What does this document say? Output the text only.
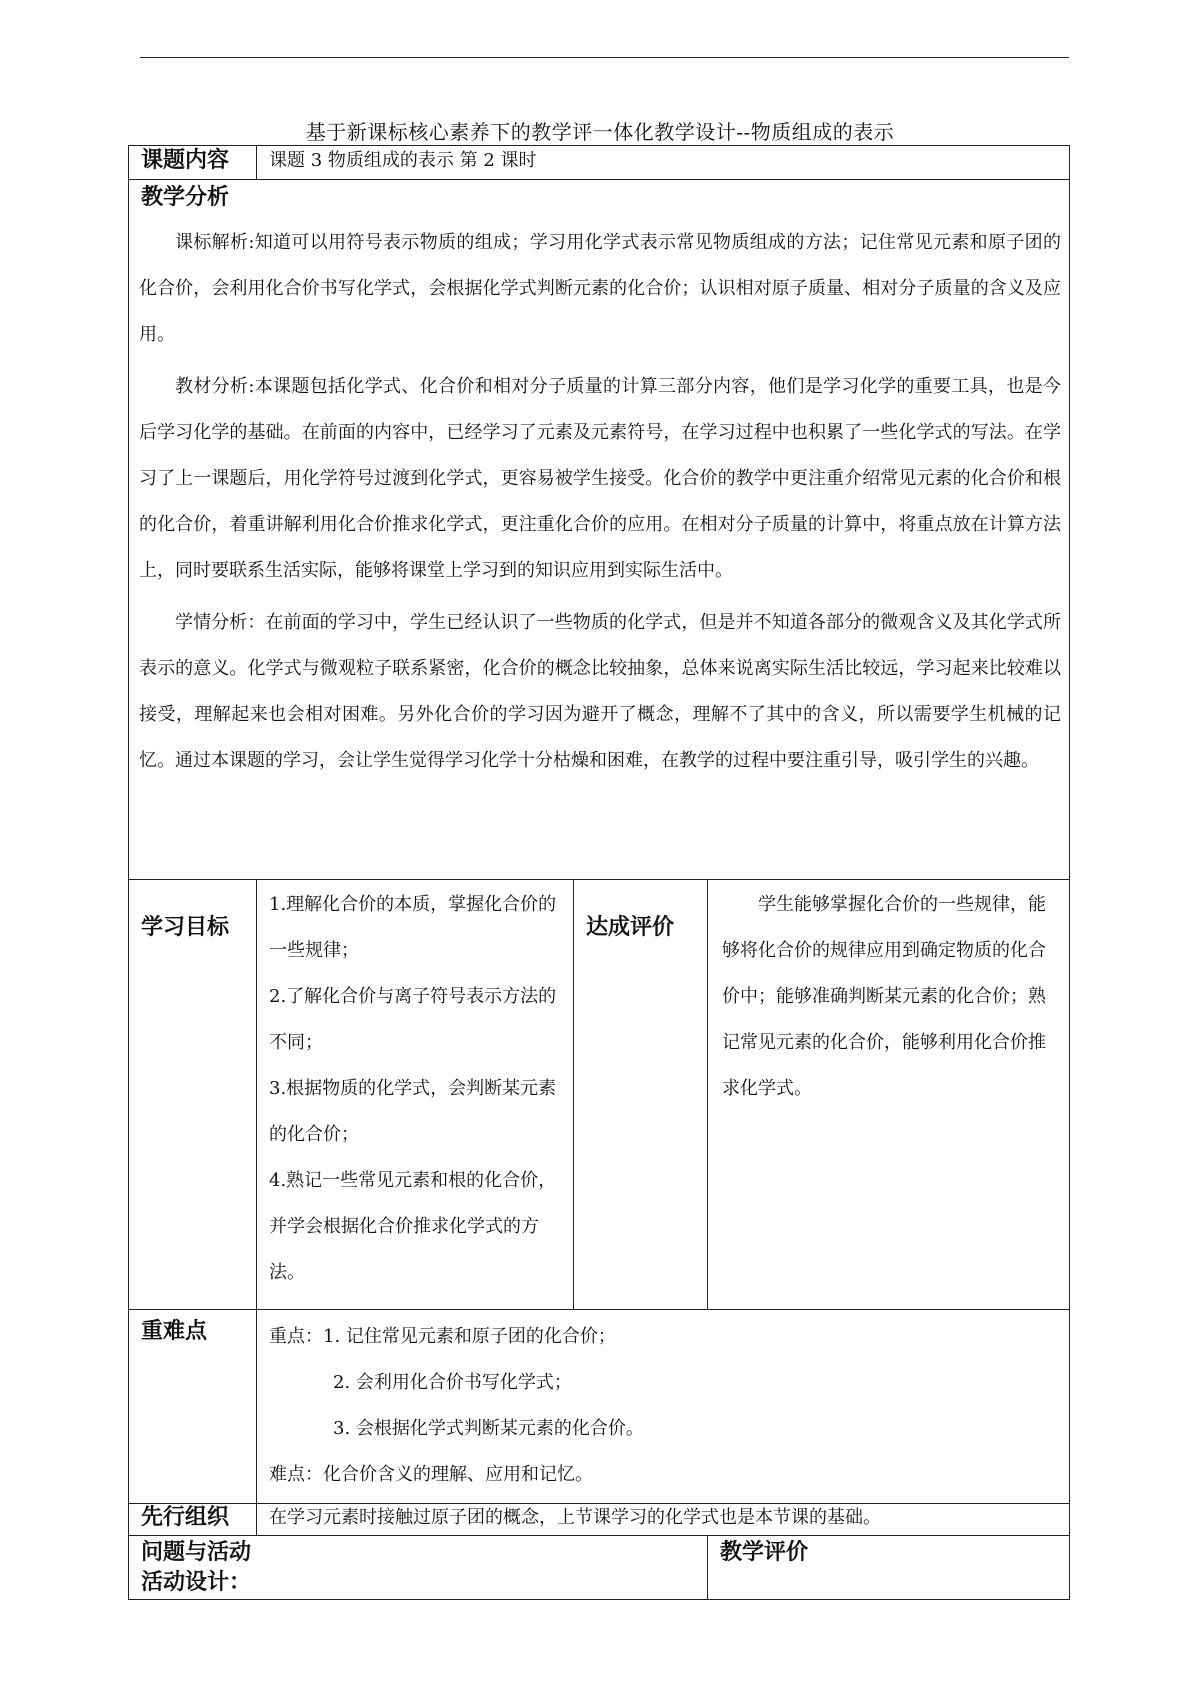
基于新课标核心素养下的教学评一体化教学设计--物质组成的表示
课题内容	课题 3 物质组成的表示 第 2 课时		

教学分析

课标解析:知道可以用符号表示物质的组成；学习用化学式表示常见物质组成的方法；记住常见元素和原子团的化合价，会利用化合价书写化学式，会根据化学式判断元素的化合价；认识相对原子质量、相对分子质量的含义及应用。

教材分析:本课题包括化学式、化合价和相对分子质量的计算三部分内容，他们是学习化学的重要工具，也是今后学习化学的基础。在前面的内容中，已经学习了元素及元素符号，在学习过程中也积累了一些化学式的写法。在学习了上一课题后，用化学符号过渡到化学式，更容易被学生接受。化合价的教学中更注重介绍常见元素的化合价和根的化合价，着重讲解利用化合价推求化学式，更注重化合价的应用。在相对分子质量的计算中，将重点放在计算方法上，同时要联系生活实际，能够将课堂上学习到的知识应用到实际生活中。

学情分析：在前面的学习中，学生已经认识了一些物质的化学式，但是并不知道各部分的微观含义及其化学式所表示的意义。化学式与微观粒子联系紧密，化合价的概念比较抽象，总体来说离实际生活比较远，学习起来比较难以接受，理解起来也会相对困难。另外化合价的学习因为避开了概念，理解不了其中的含义，所以需要学生机械的记忆。通过本课题的学习，会让学生觉得学习化学十分枯燥和困难，在教学的过程中要注重引导，吸引学生的兴趣。			

学习目标	1.理解化合价的本质，掌握化合价的一些规律；
2.了解化合价与离子符号表示方法的不同；
3.根据物质的化学式，会判断某元素的化合价；
4.熟记一些常见元素和根的化合价，并学会根据化合价推求化学式的方法。	达成评价	学生能够掌握化合价的一些规律，能够将化合价的规律应用到确定物质的化合价中；能够准确判断某元素的化合价；熟记常见元素的化合价，能够利用化合价推求化学式。

重难点	重点：1. 记住常见元素和原子团的化合价；
2. 会利用化合价书写化学式；
3. 会根据化学式判断某元素的化合价。
难点：化合价含义的理解、应用和记忆。		

先行组织	在学习元素时接触过原子团的概念，上节课学习的化学式也是本节课的基础。		

问题与活动
活动设计：			教学评价
